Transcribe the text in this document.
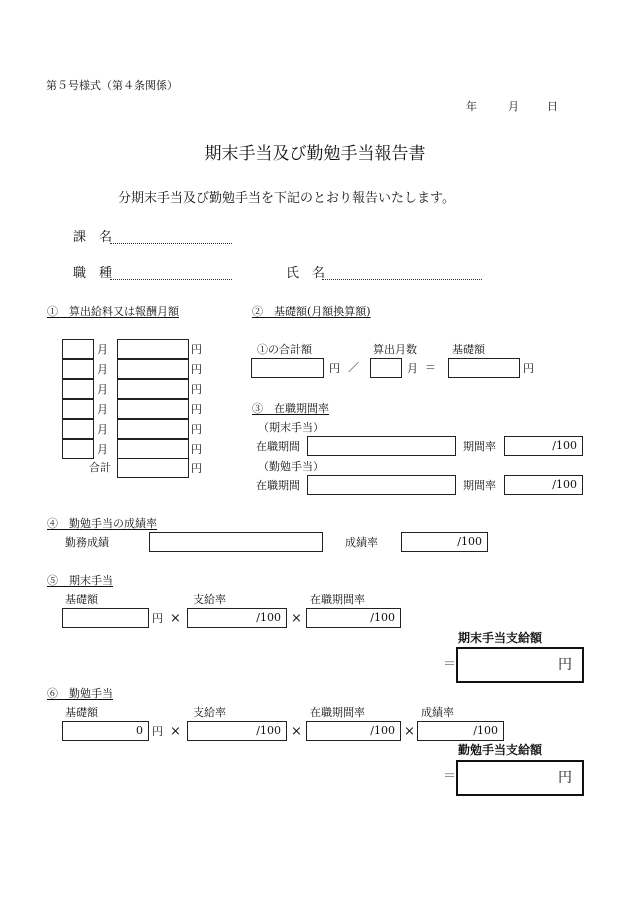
第５号様式（第４条関係）
年	月	日
期末手当及び勤勉手当報告書
分期末手当及び勤勉手当を下記のとおり報告いたします。
課　名
職　種	氏　名
①　算出給料又は報酬月額
月	円
月	円
月	円
月	円
月	円
月	円
合計	円
②　基礎額(月額換算額)
①の合計額	算出月数	基礎額
円 ／	月 ＝	円
③　在職期間率
（期末手当）
在職期間	期間率	/100
（勤勉手当）
在職期間	期間率	/100
④　勤勉手当の成績率
勤務成績	成績率	/100
⑤　期末手当
基礎額	支給率	在職期間率
円 ×	/100 ×	/100
期末手当支給額
＝	円
⑥　勤勉手当
基礎額	支給率	在職期間率	成績率
0 円 ×	/100 ×	/100 ×	/100
勤勉手当支給額
＝	円
